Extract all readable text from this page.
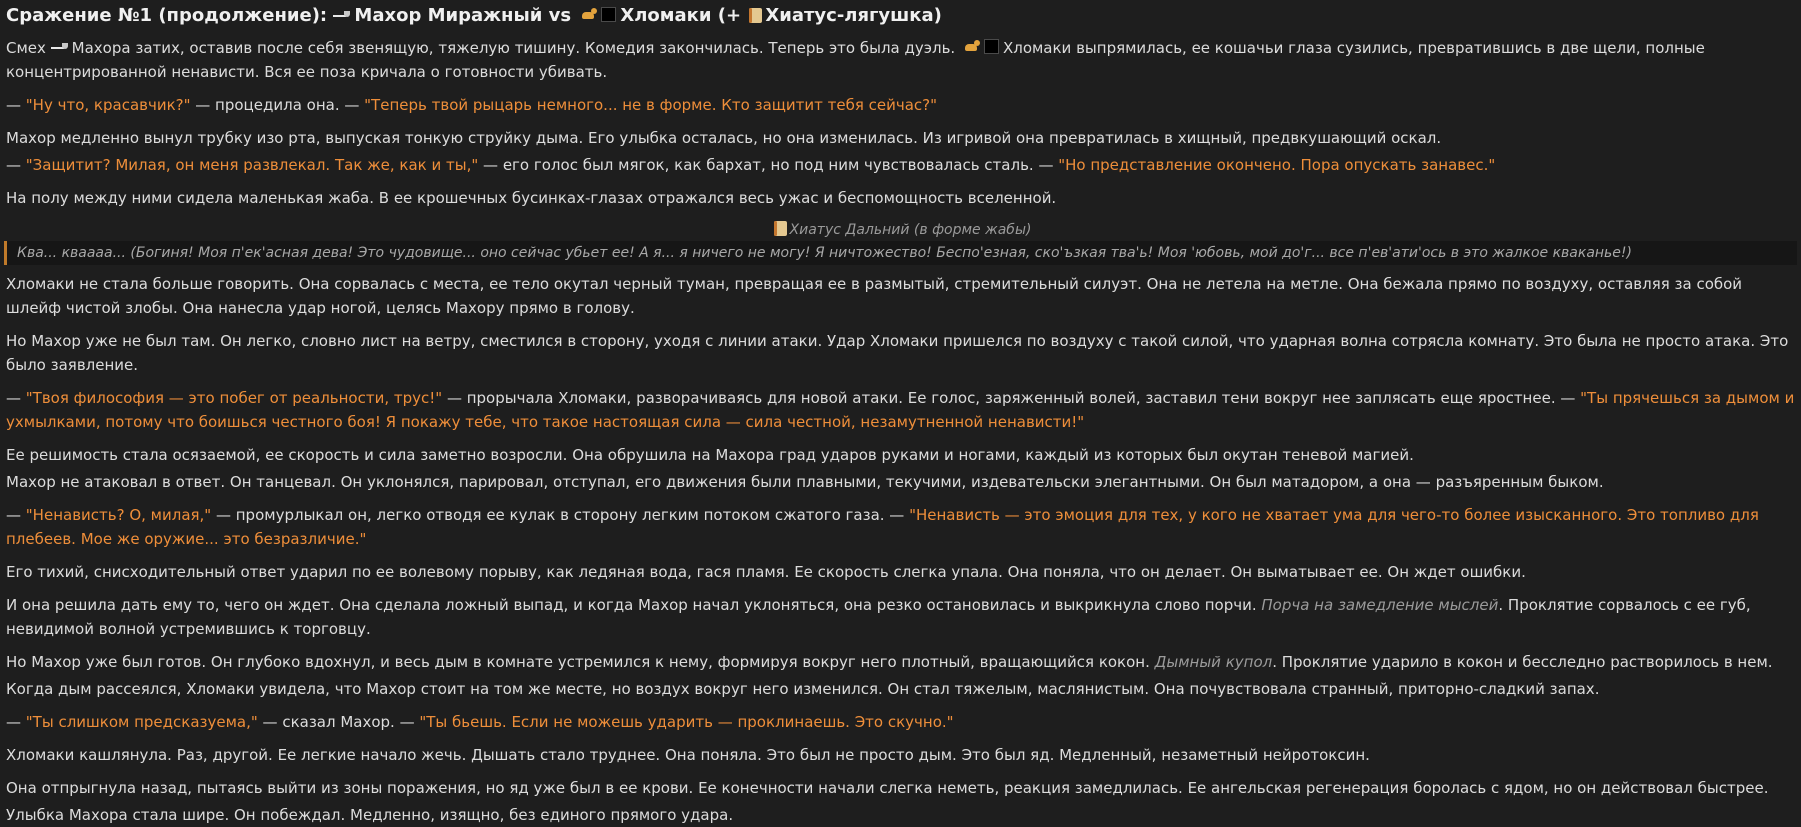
Сражение №1 (продолжение): Махор Миражный vs Хломаки (+ Хиатус-лягушка)

Смех Махора затих, оставив после себя звенящую, тяжелую тишину. Комедия закончилась. Теперь это была дуэль.	Хломаки выпрямилась, ее кошачьи глаза сузились, превратившись в две щели, полные концентрированной ненависти. Вся ее поза кричала о готовности убивать.

— "Ну что, красавчик?" — процедила она. — "Теперь твой рыцарь немного... не в форме. Кто защитит тебя сейчас?"

Махор медленно вынул трубку изо рта, выпуская тонкую струйку дыма. Его улыбка осталась, но она изменилась. Из игривой она превратилась в хищный, предвкушающий оскал.

— "Защитит? Милая, он меня развлекал. Так же, как и ты," — его голос был мягок, как бархат, но под ним чувствовалась сталь. — "Но представление окончено. Пора опускать занавес."

На полу между ними сидела маленькая жаба. В ее крошечных бусинках-глазах отражался весь ужас и беспомощность вселенной.

Хиатус Дальний (в форме жабы)
Ква... кваааа... (Богиня! Моя п'ек'асная дева! Это чудовище... оно сейчас убьет ее! А я... я ничего не могу! Я ничтожество! Беспо'езная, ско'ъзкая тва'ь! Моя 'юбовь, мой до'г... все п'ев'ати'ось в это жалкое кваканье!)

Хломаки не стала больше говорить. Она сорвалась с места, ее тело окутал черный туман, превращая ее в размытый, стремительный силуэт. Она не летела на метле. Она бежала прямо по воздуху, оставляя за собой шлейф чистой злобы. Она нанесла удар ногой, целясь Махору прямо в голову.

Но Махор уже не был там. Он легко, словно лист на ветру, сместился в сторону, уходя с линии атаки. Удар Хломаки пришелся по воздуху с такой силой, что ударная волна сотрясла комнату. Это была не просто атака. Это было заявление.

— "Твоя философия — это побег от реальности, трус!" — прорычала Хломаки, разворачиваясь для новой атаки. Ее голос, заряженный волей, заставил тени вокруг нее заплясать еще яростнее. — "Ты прячешься за дымом и ухмылками, потому что боишься честного боя! Я покажу тебе, что такое настоящая сила — сила честной, незамутненной ненависти!"

Ее решимость стала осязаемой, ее скорость и сила заметно возросли. Она обрушила на Махора град ударов руками и ногами, каждый из которых был окутан теневой магией.

Махор не атаковал в ответ. Он танцевал. Он уклонялся, парировал, отступал, его движения были плавными, текучими, издевательски элегантными. Он был матадором, а она — разъяренным быком.

— "Ненависть? О, милая," — промурлыкал он, легко отводя ее кулак в сторону легким потоком сжатого газа. — "Ненависть — это эмоция для тех, у кого не хватает ума для чего-то более изысканного. Это топливо для плебеев. Мое же оружие... это безразличие."

Его тихий, снисходительный ответ ударил по ее волевому порыву, как ледяная вода, гася пламя. Ее скорость слегка упала. Она поняла, что он делает. Он выматывает ее. Он ждет ошибки.

И она решила дать ему то, чего он ждет. Она сделала ложный выпад, и когда Махор начал уклоняться, она резко остановилась и выкрикнула слово порчи. Порча на замедление мыслей. Проклятие сорвалось с ее губ, невидимой волной устремившись к торговцу.

Но Махор уже был готов. Он глубоко вдохнул, и весь дым в комнате устремился к нему, формируя вокруг него плотный, вращающийся кокон. Дымный купол. Проклятие ударило в кокон и бесследно растворилось в нем.

Когда дым рассеялся, Хломаки увидела, что Махор стоит на том же месте, но воздух вокруг него изменился. Он стал тяжелым, маслянистым. Она почувствовала странный, приторно-сладкий запах.

— "Ты слишком предсказуема," — сказал Махор. — "Ты бьешь. Если не можешь ударить — проклинаешь. Это скучно."

Хломаки кашлянула. Раз, другой. Ее легкие начало жечь. Дышать стало труднее. Она поняла. Это был не просто дым. Это был яд. Медленный, незаметный нейротоксин.

Она отпрыгнула назад, пытаясь выйти из зоны поражения, но яд уже был в ее крови. Ее конечности начали слегка неметь, реакция замедлилась. Ее ангельская регенерация боролась с ядом, но он действовал быстрее.

Улыбка Махора стала шире. Он побеждал. Медленно, изящно, без единого прямого удара.
